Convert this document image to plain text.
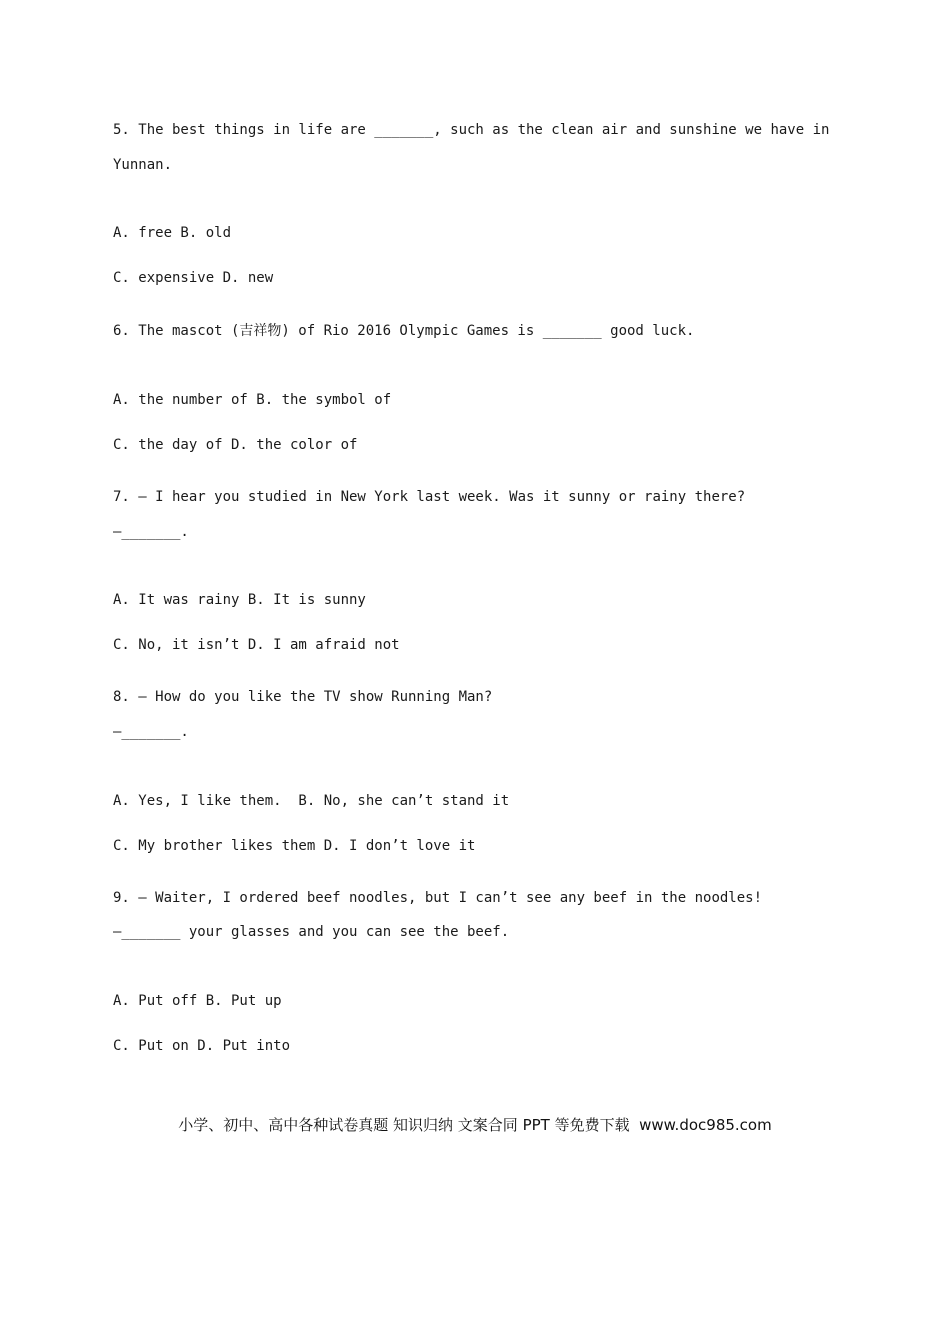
5. The best things in life are _______, such as the clean air and sunshine we have in
Yunnan.
A. free B. old
C. expensive D. new
6. The mascot (吉祥物) of Rio 2016 Olympic Games is _______ good luck.
A. the number of B. the symbol of
C. the day of D. the color of
7. — I hear you studied in New York last week. Was it sunny or rainy there?
—_______.
A. It was rainy B. It is sunny
C. No, it isn’t D. I am afraid not
8. — How do you like the TV show Running Man?
—_______.
A. Yes, I like them.  B. No, she can’t stand it
C. My brother likes them D. I don’t love it
9. — Waiter, I ordered beef noodles, but I can’t see any beef in the noodles!
—_______ your glasses and you can see the beef.
A. Put off B. Put up
C. Put on D. Put into
小学、初中、高中各种试卷真题 知识归纳 文案合同 PPT 等免费下载  www.doc985.com
